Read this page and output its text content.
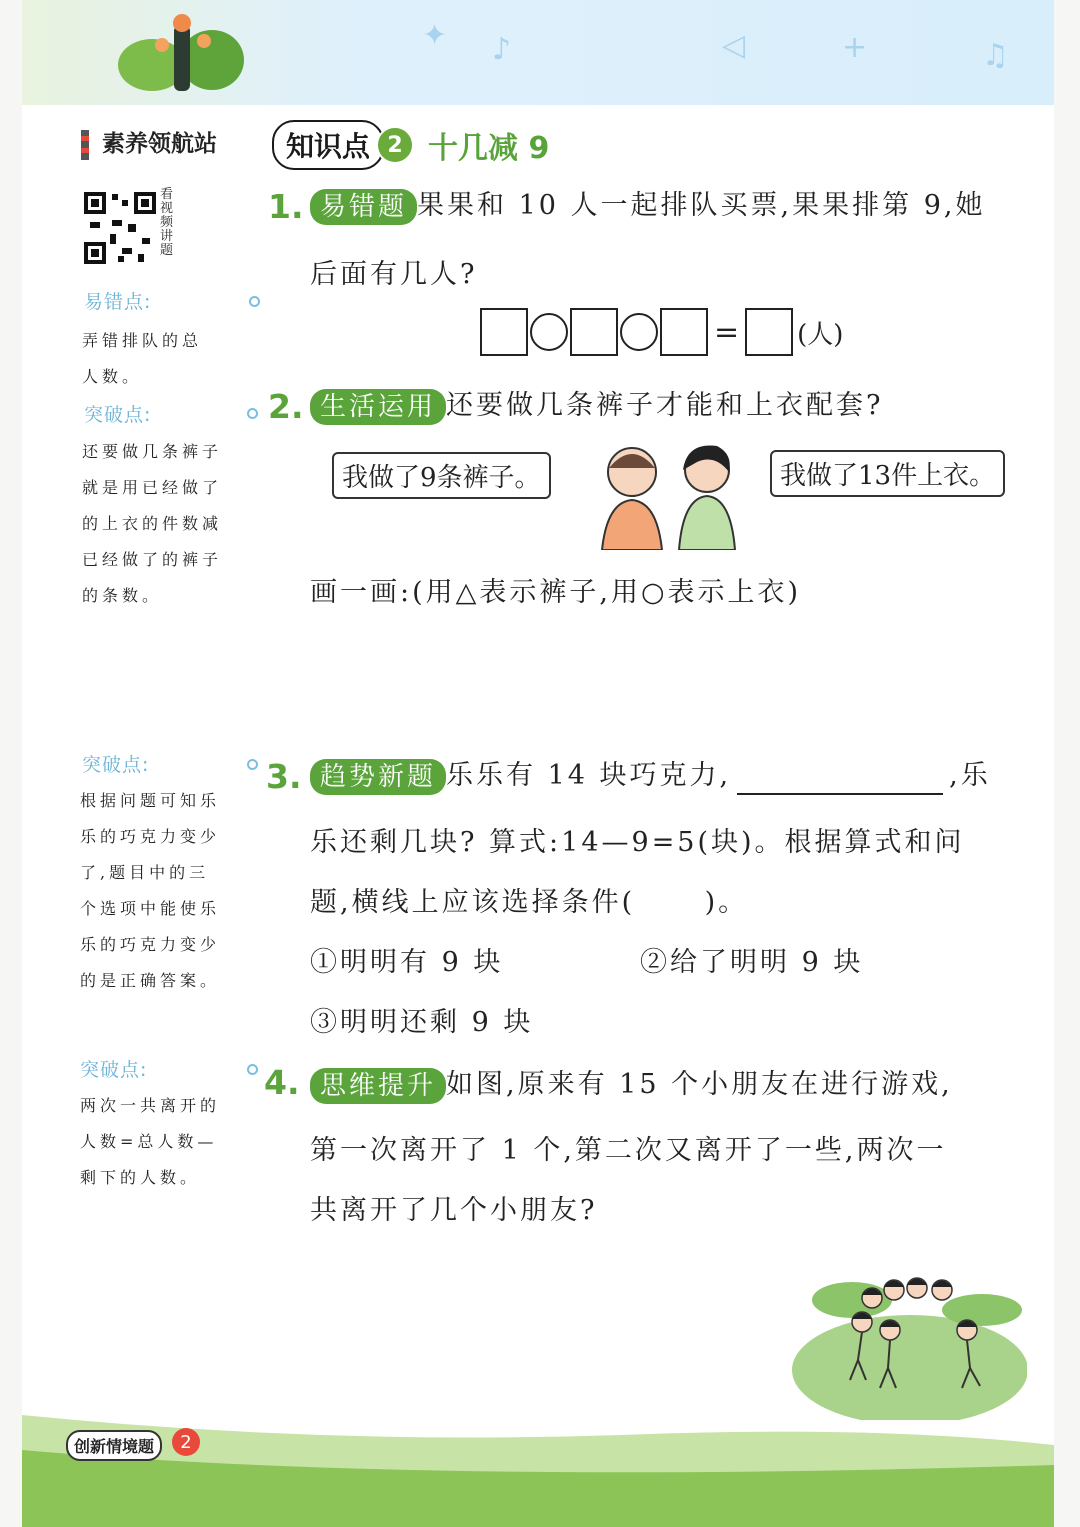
✦ ♪	◁	+	♫
素养领航站	知识点 2 十几减 9
看视频讲题
易错点:
弄错排队的总
人数。
突破点:
还要做几条裤子
就是用已经做了
的上衣的件数减
已经做了的裤子
的条数。
突破点:
根据问题可知乐
乐的巧克力变少
了,题目中的三
个选项中能使乐
乐的巧克力变少
的是正确答案。
突破点:
两次一共离开的
人数=总人数—
剩下的人数。
1. 易错题 果果和 10 人一起排队买票,果果排第 9,她
后面有几人?
= (人)
2. 生活运用 还要做几条裤子才能和上衣配套?
我做了9条裤子。	我做了13件上衣。
画一画:(用△表示裤子,用○表示上衣)
3. 趋势新题 乐乐有 14 块巧克力,	,乐
乐还剩几块? 算式:14—9=5(块)。根据算式和问
题,横线上应该选择条件(      )。
①明明有 9 块	②给了明明 9 块
③明明还剩 9 块
4. 思维提升 如图,原来有 15 个小朋友在进行游戏,
第一次离开了 1 个,第二次又离开了一些,两次一
共离开了几个小朋友?
创新情境题	2
